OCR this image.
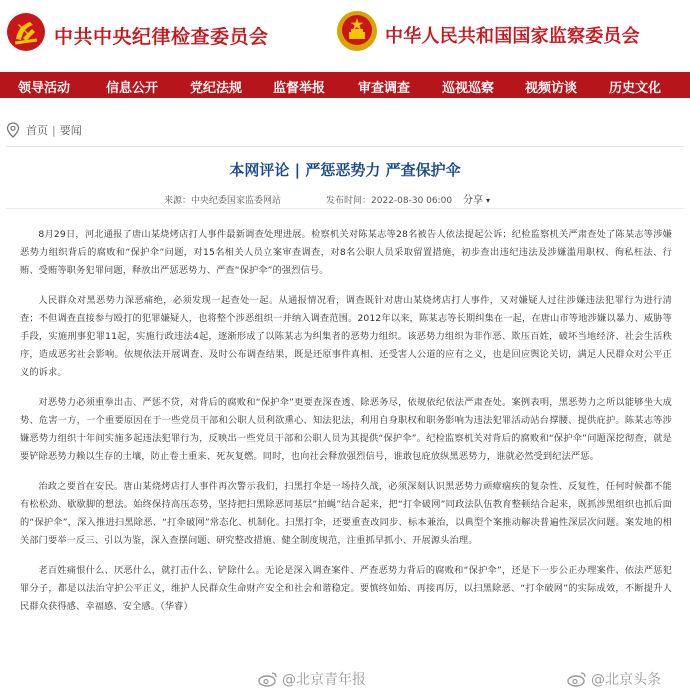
中共中央纪律检查委员会	中华人民共和国国家监察委员会
领导活动	信息公开 党纪法规 监督举报	审查调查 巡视巡察 视频访谈 历史文化
首页 | 要闻
本网评论 | 严惩恶势力 严查保护伞
来源：中央纪委国家监委网站	发布时间：2022-08-30 06:00 分享 ▾

8月29日，河北通报了唐山某烧烤店打人事件最新调查处理进展。检察机关对陈某志等28名被告人依法提起公诉；纪检监察机关严肃查处了陈某志等涉嫌恶势力组织背后的腐败和“保护伞”问题，对15名相关人员立案审查调查，对8名公职人员采取留置措施，初步查出违纪违法及涉嫌滥用职权、徇私枉法、行贿、受贿等职务犯罪问题，释放出严惩恶势力、严查“保护伞”的强烈信号。

人民群众对黑恶势力深恶痛绝，必须发现一起查处一起。从通报情况看，调查既针对唐山某烧烤店打人事件，又对嫌疑人过往涉嫌违法犯罪行为进行清查；不但调查直接参与殴打的犯罪嫌疑人，也将整个涉恶组织一并纳入调查范围。2012年以来，陈某志等长期纠集在一起，在唐山市等地涉嫌以暴力、威胁等手段，实施刑事犯罪11起，实施行政违法4起，逐渐形成了以陈某志为纠集者的恶势力组织。该恶势力组织为非作恶、欺压百姓，破坏当地经济、社会生活秩序，造成恶劣社会影响。依规依法开展调查、及时公布调查结果，既是还原事件真相、还受害人公道的应有之义，也是回应舆论关切，满足人民群众对公平正义的诉求。

对恶势力必须重拳出击、严惩不贷，对背后的腐败和“保护伞”更要查深查透、除恶务尽，依规依纪依法严肃查处。案例表明，黑恶势力之所以能够坐大成势、危害一方，一个重要原因在于一些党员干部和公职人员利欲熏心、知法犯法，利用自身职权和职务影响为违法犯罪活动站台撑腰、提供庇护。陈某志等涉嫌恶势力组织十年间实施多起违法犯罪行为，反映出一些党员干部和公职人员为其提供“保护伞”。纪检监察机关对背后的腐败和“保护伞”问题深挖彻查，就是要铲除恶势力赖以生存的土壤，防止卷土重来、死灰复燃。同时，也向社会释放强烈信号，谁敢包庇放纵黑恶势力，谁就必然受到纪法严惩。

治政之要首在安民。唐山某烧烤店打人事件再次警示我们，扫黑打伞是一场持久战，必须深刻认识黑恶势力顽瘴痼疾的复杂性、反复性，任何时候都不能有松松劲、歇歇脚的想法。始终保持高压态势，坚持把扫黑除恶同基层“拍蝇”结合起来，把“打伞破网”同政法队伍教育整顿结合起来，既抓涉黑组织也抓后面的“保护伞”，深入推进扫黑除恶、“打伞破网”常态化、机制化。扫黑打伞，还要重查改同步、标本兼治，以典型个案推动解决普遍性深层次问题。案发地的相关部门要举一反三、引以为鉴，深入查摆问题、研究整改措施、健全制度规范，注重抓早抓小、开展源头治理。

老百姓痛恨什么、厌恶什么，就打击什么、铲除什么。无论是深入调查案件、严查恶势力背后的腐败和“保护伞”，还是下一步公正办理案件、依法严惩犯罪分子，都是以法治守护公平正义，维护人民群众生命财产安全和社会和谐稳定。要慎终如始、再接再厉，以扫黑除恶、“打伞破网”的实际成效，不断提升人民群众获得感、幸福感、安全感。（华睿）

@北京青年报	@北京头条
